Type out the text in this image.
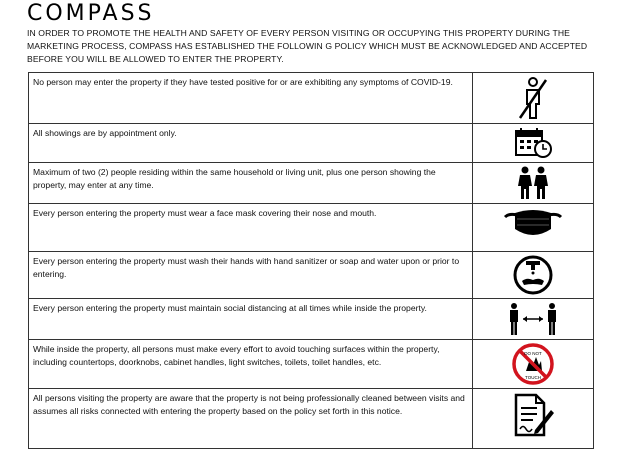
COMPASS
IN ORDER TO PROMOTE THE HEALTH AND SAFETY OF EVERY PERSON VISITING OR OCCUPYING THIS PROPERTY DURING THE MARKETING PROCESS, COMPASS HAS ESTABLISHED THE FOLLOWIN G POLICY WHICH MUST BE ACKNOWLEDGED AND ACCEPTED BEFORE YOU WILL BE ALLOWED TO ENTER THE PROPERTY.
No person may enter the property if they have tested positive for or are exhibiting any symptoms of COVID-19.	

All showings are by appointment only.	

Maximum of two (2) people residing within the same household or living unit, plus one person showing the property, may enter at any time.	

Every person entering the property must wear a face mask covering their nose and mouth.	

Every person entering the property must wash their hands with hand sanitizer or soap and water upon or prior to entering.	

Every person entering the property must maintain social distancing at all times while inside the property.	

While inside the property, all persons must make every effort to avoid touching surfaces within the property, including countertops, doorknobs, cabinet handles, light switches, toilets, toilet handles, etc.	DO NOT
TOUCH

All persons visiting the property are aware that the property is not being professionally cleaned between visits and assumes all risks connected with entering the property based on the policy set forth in this notice.	
